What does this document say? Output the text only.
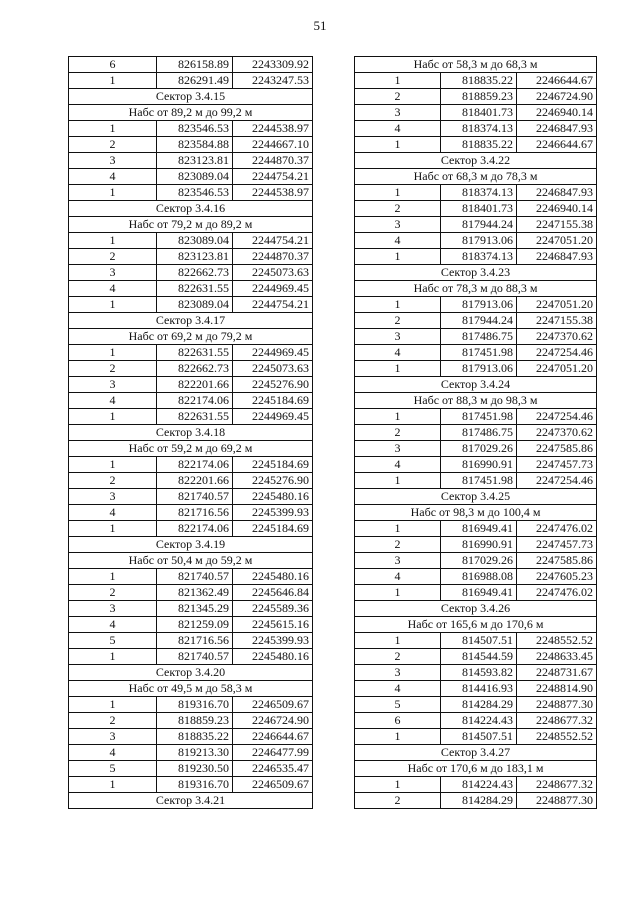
51
6	826158.89	2243309.92
1	826291.49	2243247.53
Сектор 3.4.15		
Набс от 89,2 м до 99,2 м		
1	823546.53	2244538.97
2	823584.88	2244667.10
3	823123.81	2244870.37
4	823089.04	2244754.21
1	823546.53	2244538.97
Сектор 3.4.16		
Набс от 79,2 м до 89,2 м		
1	823089.04	2244754.21
2	823123.81	2244870.37
3	822662.73	2245073.63
4	822631.55	2244969.45
1	823089.04	2244754.21
Сектор 3.4.17		
Набс от 69,2 м до 79,2 м		
1	822631.55	2244969.45
2	822662.73	2245073.63
3	822201.66	2245276.90
4	822174.06	2245184.69
1	822631.55	2244969.45
Сектор 3.4.18		
Набс от 59,2 м до 69,2 м		
1	822174.06	2245184.69
2	822201.66	2245276.90
3	821740.57	2245480.16
4	821716.56	2245399.93
1	822174.06	2245184.69
Сектор 3.4.19		
Набс от 50,4 м до 59,2 м		
1	821740.57	2245480.16
2	821362.49	2245646.84
3	821345.29	2245589.36
4	821259.09	2245615.16
5	821716.56	2245399.93
1	821740.57	2245480.16
Сектор 3.4.20		
Набс от 49,5 м до 58,3 м		
1	819316.70	2246509.67
2	818859.23	2246724.90
3	818835.22	2246644.67
4	819213.30	2246477.99
5	819230.50	2246535.47
1	819316.70	2246509.67
Сектор 3.4.21		
Набс от 58,3 м до 68,3 м		
1	818835.22	2246644.67
2	818859.23	2246724.90
3	818401.73	2246940.14
4	818374.13	2246847.93
1	818835.22	2246644.67
Сектор 3.4.22		
Набс от 68,3 м до 78,3 м		
1	818374.13	2246847.93
2	818401.73	2246940.14
3	817944.24	2247155.38
4	817913.06	2247051.20
1	818374.13	2246847.93
Сектор 3.4.23		
Набс от 78,3 м до 88,3 м		
1	817913.06	2247051.20
2	817944.24	2247155.38
3	817486.75	2247370.62
4	817451.98	2247254.46
1	817913.06	2247051.20
Сектор 3.4.24		
Набс от 88,3 м до 98,3 м		
1	817451.98	2247254.46
2	817486.75	2247370.62
3	817029.26	2247585.86
4	816990.91	2247457.73
1	817451.98	2247254.46
Сектор 3.4.25		
Набс от 98,3 м до 100,4 м		
1	816949.41	2247476.02
2	816990.91	2247457.73
3	817029.26	2247585.86
4	816988.08	2247605.23
1	816949.41	2247476.02
Сектор 3.4.26		
Набс от 165,6 м до 170,6 м		
1	814507.51	2248552.52
2	814544.59	2248633.45
3	814593.82	2248731.67
4	814416.93	2248814.90
5	814284.29	2248877.30
6	814224.43	2248677.32
1	814507.51	2248552.52
Сектор 3.4.27		
Набс от 170,6 м до 183,1 м		
1	814224.43	2248677.32
2	814284.29	2248877.30
